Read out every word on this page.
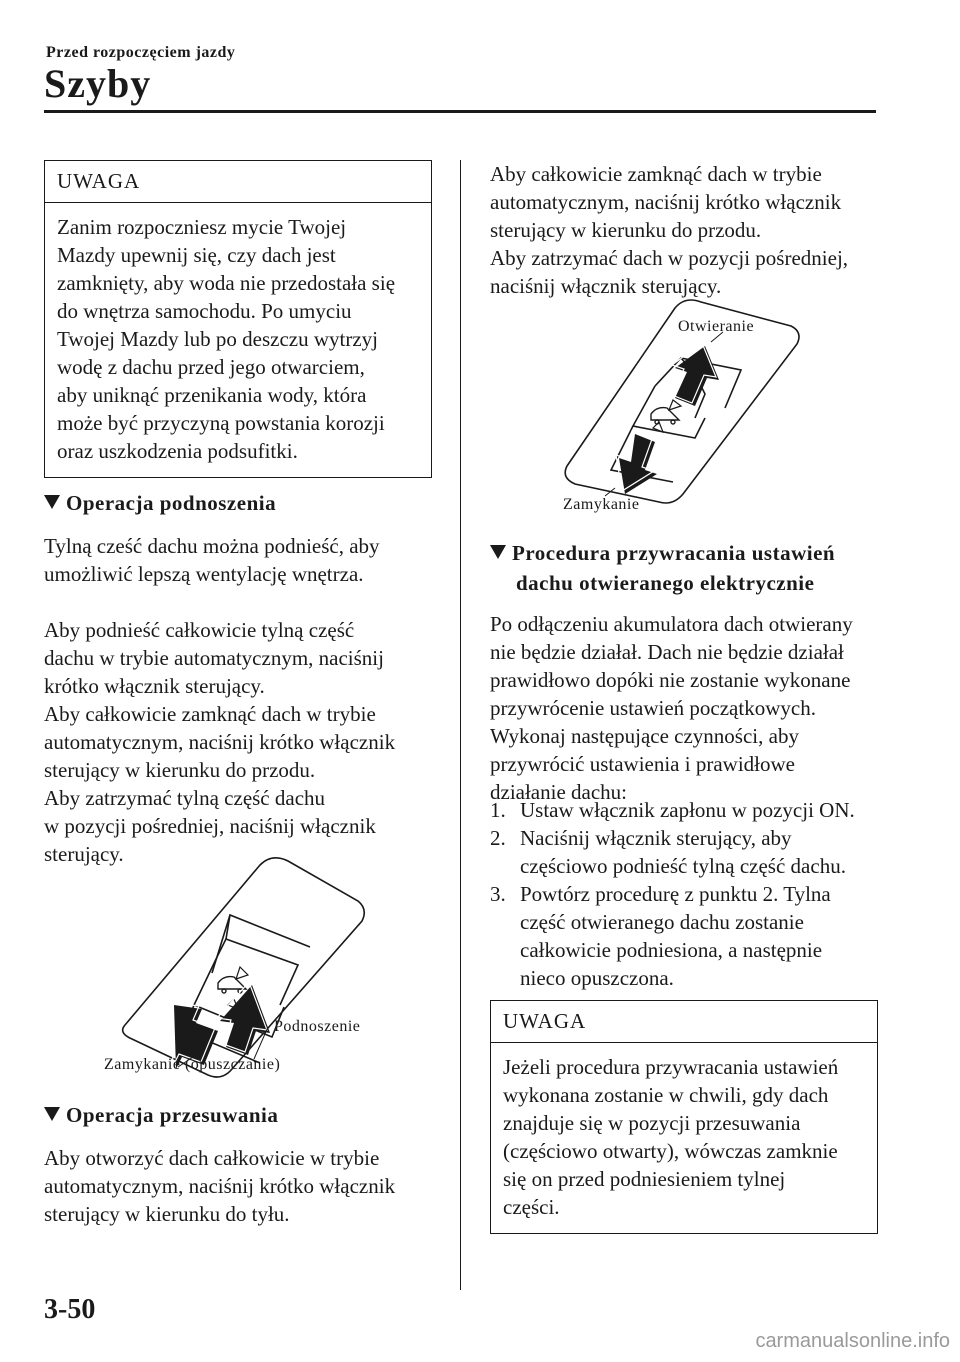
Przed rozpoczęciem jazdy
Szyby
UWAGA
Zanim rozpoczniesz mycie Twojej
Mazdy upewnij się, czy dach jest
zamknięty, aby woda nie przedostała się
do wnętrza samochodu. Po umyciu
Twojej Mazdy lub po deszczu wytrzyj
wodę z dachu przed jego otwarciem,
aby uniknąć przenikania wody, która
może być przyczyną powstania korozji
oraz uszkodzenia podsufitki.
Operacja podnoszenia

Tylną cześć dachu można podnieść, aby
umożliwić lepszą wentylację wnętrza.

Aby podnieść całkowicie tylną część
dachu w trybie automatycznym, naciśnij
krótko włącznik sterujący.
Aby całkowicie zamknąć dach w trybie
automatycznym, naciśnij krótko włącznik
sterujący w kierunku do przodu.
Aby zatrzymać tylną część dachu
w pozycji pośredniej, naciśnij włącznik
sterujący.

Podnoszenie
Zamykanie (opuszczanie)
Operacja przesuwania

Aby otworzyć dach całkowicie w trybie
automatycznym, naciśnij krótko włącznik
sterujący w kierunku do tyłu.

Aby całkowicie zamknąć dach w trybie
automatycznym, naciśnij krótko włącznik
sterujący w kierunku do przodu.
Aby zatrzymać dach w pozycji pośredniej,
naciśnij włącznik sterujący.

Otwieranie
Zamykanie
Procedura przywracania ustawień
dachu otwieranego elektrycznie

Po odłączeniu akumulatora dach otwierany
nie będzie działał. Dach nie będzie działał
prawidłowo dopóki nie zostanie wykonane
przywrócenie ustawień początkowych.
Wykonaj następujące czynności, aby
przywrócić ustawienia i prawidłowe
działanie dachu:

1. Ustaw włącznik zapłonu w pozycji ON.
2. Naciśnij włącznik sterujący, aby
częściowo podnieść tylną część dachu.
3. Powtórz procedurę z punktu 2. Tylna
część otwieranego dachu zostanie
całkowicie podniesiona, a następnie
nieco opuszczona.
UWAGA
Jeżeli procedura przywracania ustawień
wykonana zostanie w chwili, gdy dach
znajduje się w pozycji przesuwania
(częściowo otwarty), wówczas zamknie
się on przed podniesieniem tylnej
części.
3-50
carmanualsonline.info
